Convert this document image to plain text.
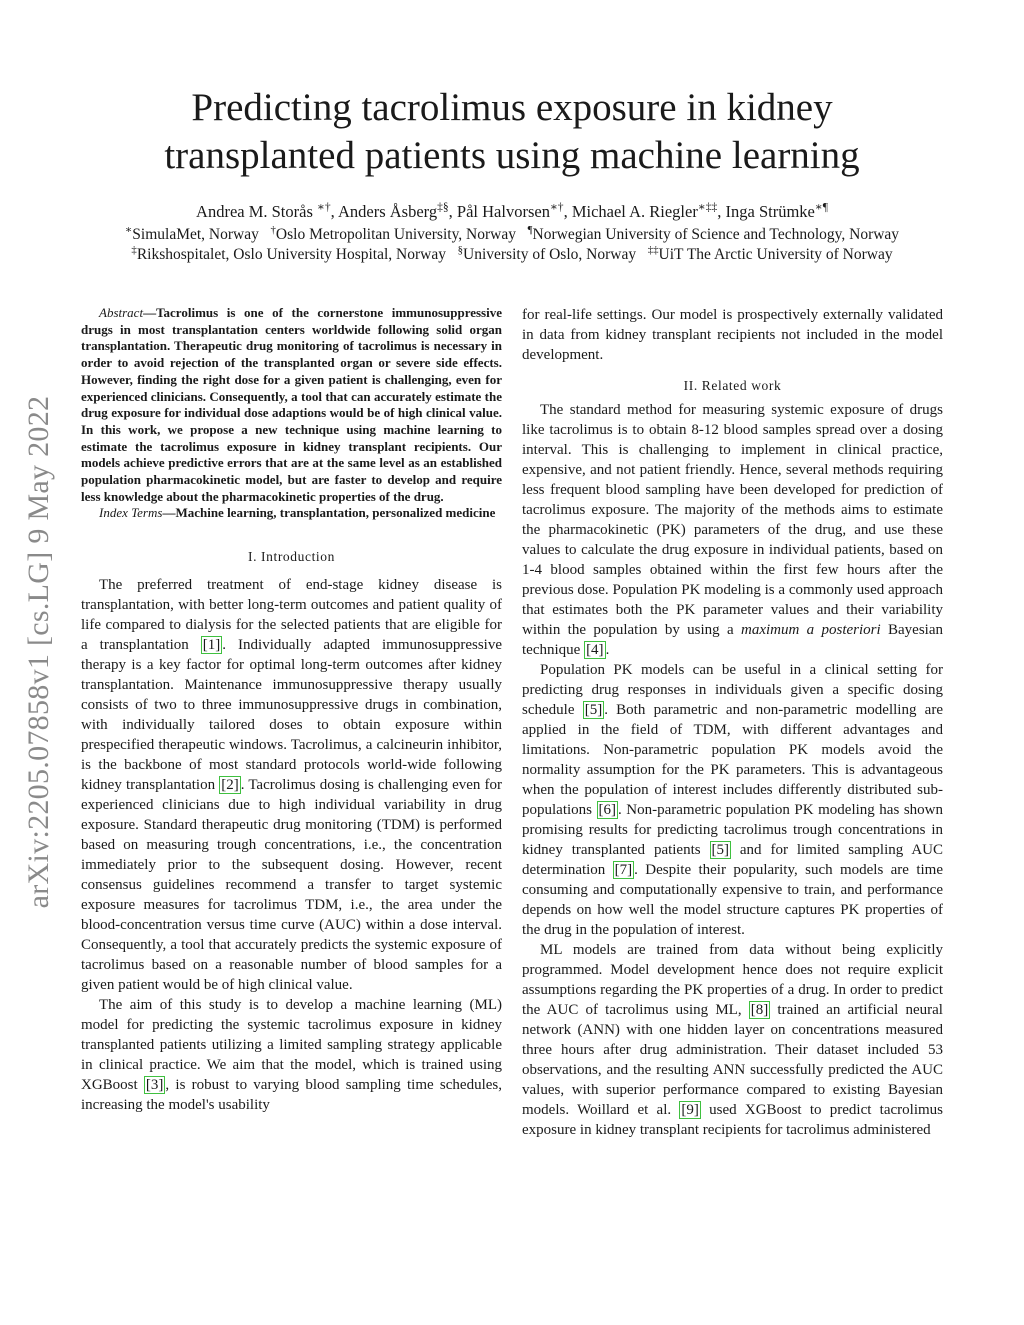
arXiv:2205.07858v1 [cs.LG] 9 May 2022
Predicting tacrolimus exposure in kidney
transplanted patients using machine learning
Andrea M. Storås ∗†, Anders Åsberg‡§, Pål Halvorsen∗†, Michael A. Riegler∗‡‡, Inga Strümke∗¶
∗SimulaMet, Norway †Oslo Metropolitan University, Norway ¶Norwegian University of Science and Technology, Norway
‡Rikshospitalet, Oslo University Hospital, Norway §University of Oslo, Norway ‡‡UiT The Arctic University of Norway

Abstract—Tacrolimus is one of the cornerstone immunosuppressive drugs in most transplantation centers worldwide following solid organ transplantation. Therapeutic drug monitoring of tacrolimus is necessary in order to avoid rejection of the transplanted organ or severe side effects. However, finding the right dose for a given patient is challenging, even for experienced clinicians. Consequently, a tool that can accurately estimate the drug exposure for individual dose adaptions would be of high clinical value. In this work, we propose a new technique using machine learning to estimate the tacrolimus exposure in kidney transplant recipients. Our models achieve predictive errors that are at the same level as an established population pharmacokinetic model, but are faster to develop and require less knowledge about the pharmacokinetic properties of the drug.

Index Terms—Machine learning, transplantation, personalized medicine

I. Introduction

The preferred treatment of end-stage kidney disease is transplantation, with better long-term outcomes and patient quality of life compared to dialysis for the selected patients that are eligible for a transplantation [1] . Individually adapted immunosuppressive therapy is a key factor for optimal long-term outcomes after kidney transplantation. Maintenance immunosuppressive therapy usually consists of two to three immunosuppressive drugs in combination, with individually tailored doses to obtain exposure within prespecified therapeutic windows. Tacrolimus, a calcineurin inhibitor, is the backbone of most standard protocols world-wide following kidney transplantation [2] . Tacrolimus dosing is challenging even for experienced clinicians due to high individual variability in drug exposure. Standard therapeutic drug monitoring (TDM) is performed based on measuring trough concentrations, i.e., the concentration immediately prior to the subsequent dosing. However, recent consensus guidelines recommend a transfer to target systemic exposure measures for tacrolimus TDM, i.e., the area under the blood-concentration versus time curve (AUC) within a dose interval. Consequently, a tool that accurately predicts the systemic exposure of tacrolimus based on a reasonable number of blood samples for a given patient would be of high clinical value.

The aim of this study is to develop a machine learning (ML) model for predicting the systemic tacrolimus exposure in kidney transplanted patients utilizing a limited sampling strategy applicable in clinical practice. We aim that the model, which is trained using XGBoost [3] , is robust to varying blood sampling time schedules, increasing the model's usability

for real-life settings. Our model is prospectively externally validated in data from kidney transplant recipients not included in the model development.

II. Related work

The standard method for measuring systemic exposure of drugs like tacrolimus is to obtain 8-12 blood samples spread over a dosing interval. This is challenging to implement in clinical practice, expensive, and not patient friendly. Hence, several methods requiring less frequent blood sampling have been developed for prediction of tacrolimus exposure. The majority of the methods aims to estimate the pharmacokinetic (PK) parameters of the drug, and use these values to calculate the drug exposure in individual patients, based on 1-4 blood samples obtained within the first few hours after the previous dose. Population PK modeling is a commonly used approach that estimates both the PK parameter values and their variability within the population by using a maximum a posteriori Bayesian technique [4] .

Population PK models can be useful in a clinical setting for predicting drug responses in individuals given a specific dosing schedule [5] . Both parametric and non-parametric modelling are applied in the field of TDM, with different advantages and limitations. Non-parametric population PK models avoid the normality assumption for the PK parameters. This is advantageous when the population of interest includes differently distributed sub-populations [6] . Non-parametric population PK modeling has shown promising results for predicting tacrolimus trough concentrations in kidney transplanted patients [5] and for limited sampling AUC determination [7] . Despite their popularity, such models are time consuming and computationally expensive to train, and performance depends on how well the model structure captures PK properties of the drug in the population of interest.

ML models are trained from data without being explicitly programmed. Model development hence does not require explicit assumptions regarding the PK properties of a drug. In order to predict the AUC of tacrolimus using ML, [8] trained an artificial neural network (ANN) with one hidden layer on concentrations measured three hours after drug administration. Their dataset included 53 observations, and the resulting ANN successfully predicted the AUC values, with superior performance compared to existing Bayesian models. Woillard et al. [9] used XGBoost to predict tacrolimus exposure in kidney transplant recipients for tacrolimus administered
